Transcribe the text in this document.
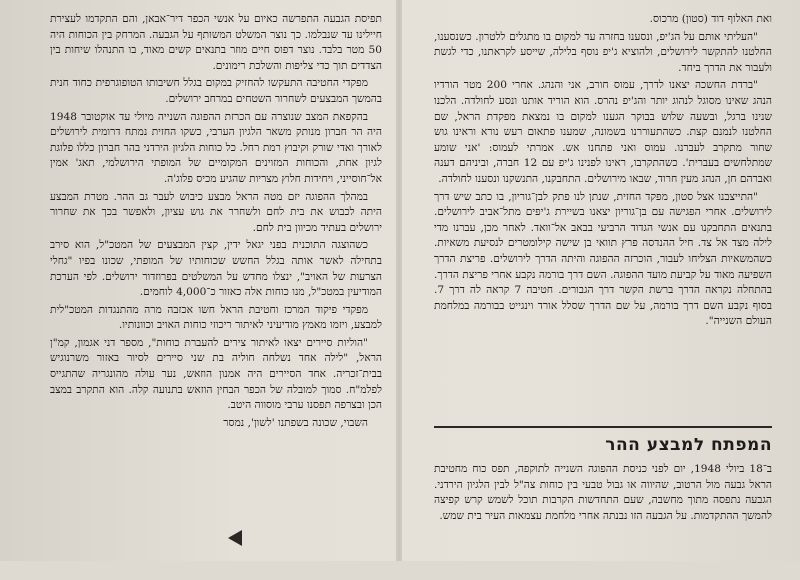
ואת האלוף דוד (סטון) מרכוס.

"העליתי אותם על הג'יפ, ונסענו בחזרה עד למקום בו מתגלים ללטרון. כשנסענו, החלטנו להתקשר לירושלים, ולהוציא ג'יפ נוסף בלילה, שייסע לקראתנו, כדי לגשת ולעבור את הדרך ביחד.

"ברדת החשכה יצאנו לדרך, עמוס חורב, אני והנהג. אחרי 200 מטר הורדיו הנהג שאינו מסוגל לנהוג יותר והג'יפ נהרס. הוא הוריד אותנו ונסע לחולדה. הלכנו שנינו ברגל, ובשעה שלוש בבוקר הגענו למקום בו נמצאת מפקדת הראל, שם החלטנו לנמנם קצת. כשהתעוררנו בשמונה, שמענו פתאום רעש נורא וראינו גוש שחור מתקרב לעברנו. עמוס ואני פתחנו אש. אמרתי לעמוס: 'אני שומע שמתלחשים בעברית'. כשהתקרבו, ראינו לפנינו ג'יפ עם 12 חברה, וביניהם דענה ואברהם חן, הנהג מעין חרוד, שבאו מירושלים. התחבקנו, התנשקנו ונסענו לחולדה.

"התייצבנו אצל סטון, מפקד החזית, שנתן לנו פתק לבן־גוריון, בו כתב שיש דרך לירושלים. אחרי הפגישה עם בן־גוריון יצאנו בשיירת ג'יפים מתל־אביב לירושלים. בתנאים התחבקנו עם אנשי הגדוד הרביעי בבאב אל־וואד. לאחר מכן, עברנו מדי לילה מצד אל צד. חיל ההנדסה פרץ תוואי בן שישה קילומטרים לנסיעת משאיות. כשהמשאיות הצליחו לעבור, הוכרזה ההפוגה והיתה הדרך לירושלים. פריצת הדרך השפיעה מאוד על קביעת מועד ההפוגה. השם דרך בורמה נקבע אחרי פריצת הדרך. בהתחלה נקראה הדרך ברשת הקשר דרך הגבורים. חטיבה 7 קראה לה דרך 7. בסוף נקבע השם דרך בורמה, על שם הדרך שסלל אורד וינגייט בבורמה במלחמת העולם השנייה".

המפתח למבצע ההר

ב־18 ביולי 1948, יום לפני כניסת ההפוגה השנייה לתוקפה, תפס כוח מחטיבת הראל גבעה מול הרטוב, שהיווה או גבול טבעי בין כוחות צה"ל לבין הלגיון הירדני. הגבעה נתפסה מתוך מחשבה, שעם התחדשות הקרבות תוכל לשמש קרש קפיצה להמשך ההתקדמות. על הגבעה הזו נבנתה אחרי מלחמת עצמאות העיר בית שמש.

תפיסת הגבעה התפרשה כאיום על אנשי הכפר דיר־אבאן, והם התקדמו לעצירת חיילינו עד שנבלמו. כך נוצר המשלט המשותף על הגבעה. המרחק בין הכוחות היה 50 מטר בלבד. נוצר דפוס חיים מוזר בתנאים קשים מאוד, בו התנהלו שיחות בין הצדדים תוך כדי צליפות והשלכת רימונים.

מפקדי החטיבה התעקשו להחזיק במקום בגלל חשיבותו הטופוגרפית כחוד חנית בהמשך המבצעים לשחרור השטחים במרחב ירושלים.

בהקפאת המצב שנוצרה עם הכרזת ההפוגה השנייה מיולי עד אוקטובר 1948 היה הר חברון מנותק משאר הלגיון הערבי, כשקו החזית נמתח דרומית לירושלים לאורך ואדי שורק וקיבוץ רמת רחל. כל כוחות הלגיון הירדני בהר חברון כללו פלוגת לגיון אחת, והכוחות המזוינים המקומיים של המופתי הירושלמי, תאג' אמין אל־חוסייני, ויחידות חלוץ מצריות שהגיע מכיס פלוג'ה.

במהלך ההפוגה יזם מטה הראל מבצע כיבוש לעבר גב ההר. מטרת המבצע היתה לכבוש את בית לחם ולשחרר את גוש עציון, ולאפשר בכך את שחרור ירושלים בעתיד מכיוון בית לחם.

כשהוצגה התוכנית בפני יגאל ידין, קצין המבצעים של המטכ"ל, הוא סירב בתחילה לאשר אותה בגלל החשש שכוחותיו של המופתי, שכונו בפיו "גחלי הצרעות של האויב", ינצלו מחדש על המשלטים בפרוזדור ירושלים. לפי הערכת המודיעין במטכ"ל, מנו כוחות אלה כאזור כ־4,000 לוחמים.

מפקדי פיקוד המרכז וחטיבת הראל חשו אכזבה מרה מהתנגדות המטכ"לית למבצע, ויזמו מאמץ מודיעיני לאיתור ריכוזי כוחות האויב וכוונותיו.

"הוליות סיירים יצאו לאיתור צירים להעברת כוחות", מספר דני אגמון, קמ"ן הראל, "לילה אחד נשלחה חוליה בת שני סיירים לסיור באזור משרנוגיש בבית־זכריה. אחד הסיירים היה אמנון הוזאש, נער עולה מהונגריה שהתגייס לפלמ"ח. סמוך למובלה של הכפר הבחין הוזאש בתנועה קלה. הוא התקרב במצב הכן ובצרפה תפסנו ערבי מוסווה היטב.

השבוי, שכונה בשפתנו 'לשון', נמסר
